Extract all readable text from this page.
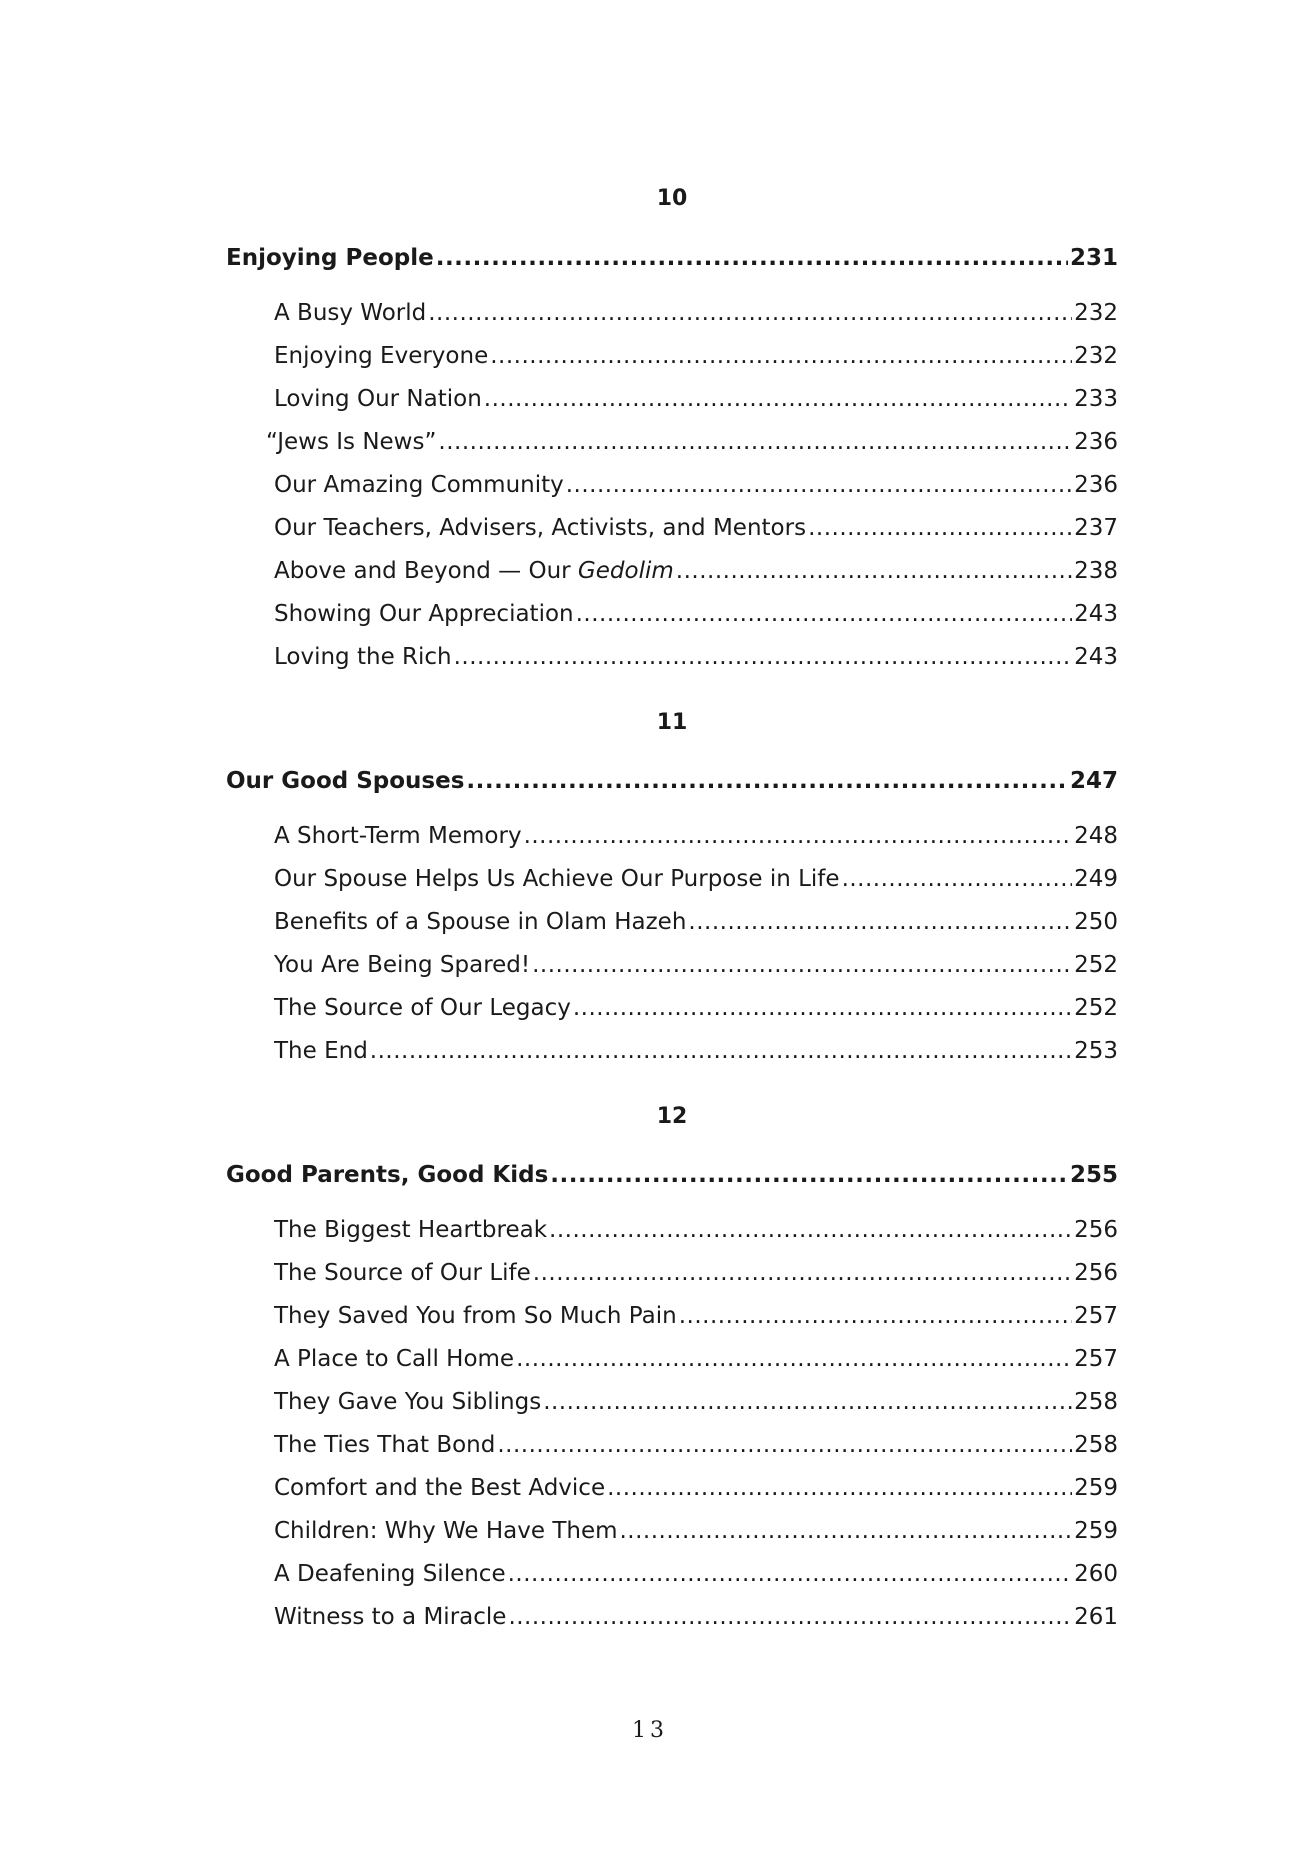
10
Enjoying People .....	231
A Busy World .....	232
Enjoying Everyone .....	232
Loving Our Nation .....	233
“Jews Is News” .....	236
Our Amazing Community .....	236
Our Teachers, Advisers, Activists, and Mentors .....	237
Above and Beyond — Our Gedolim .....	238
Showing Our Appreciation .....	243
Loving the Rich .....	243
11
Our Good Spouses .....	247
A Short-Term Memory .....	248
Our Spouse Helps Us Achieve Our Purpose in Life .....	249
Benefits of a Spouse in Olam Hazeh .....	250
You Are Being Spared! .....	252
The Source of Our Legacy .....	252
The End .....	253
12
Good Parents, Good Kids .....	255
The Biggest Heartbreak .....	256
The Source of Our Life .....	256
They Saved You from So Much Pain .....	257
A Place to Call Home .....	257
They Gave You Siblings .....	258
The Ties That Bond .....	258
Comfort and the Best Advice .....	259
Children: Why We Have Them .....	259
A Deafening Silence .....	260
Witness to a Miracle .....	261
13
